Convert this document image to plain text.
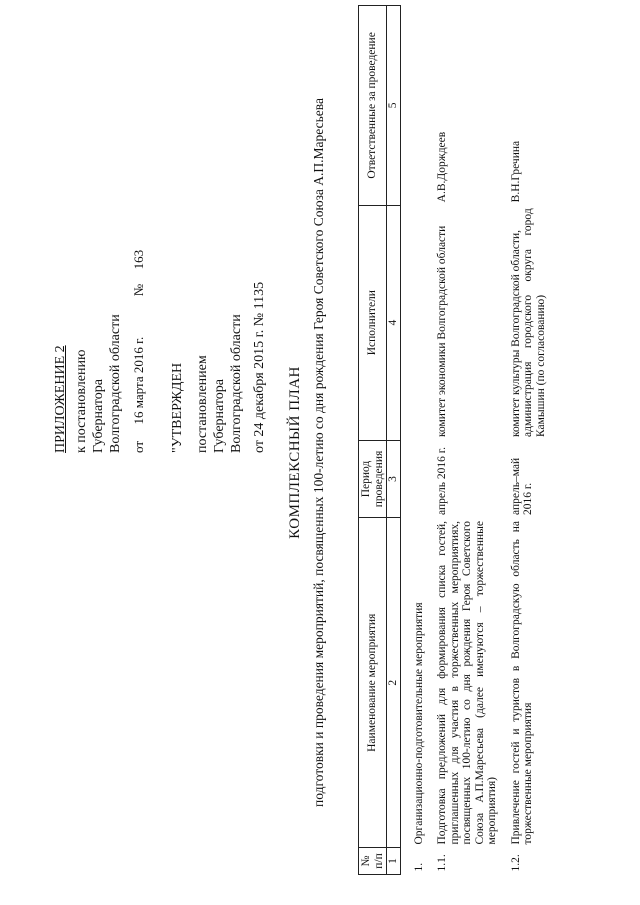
ПРИЛОЖЕНИЕ 2 к постановлению Губернатора Волгоградской области от  16 марта 2016 г.  №  163
"УТВЕРЖДЕН постановлением Губернатора Волгоградской области от 24 декабря 2015 г. № 1135 КОМПЛЕКСНЫЙ ПЛАН подготовки и проведения мероприятий, посвященных 100-летию со дня рождения Героя Советского Союза А.П.Маресьева
№ п/п	Наименование мероприятия	Период проведения	Исполнители	Ответственные за проведение
1	2	3	4	5
1.	Организационно-подготовительные мероприятия			
1.1.	Подготовка предложений для формирования списка гостей, приглашенных для участия в торжественных мероприятиях, посвященных 100-летию со дня рождения Героя Советского Союза А.П.Маресьева (далее именуются – торжественные мероприятия)	апрель 2016 г.	комитет экономики Волгоградской области	А.В.Дорждеев
1.2.	Привлечение гостей и туристов в Волгоградскую область на торжественные мероприятия	апрель–май 2016 г.	комитет культуры Волгоградской области, администрация городского округа город Камышин (по согласованию)	В.Н.Гречина
